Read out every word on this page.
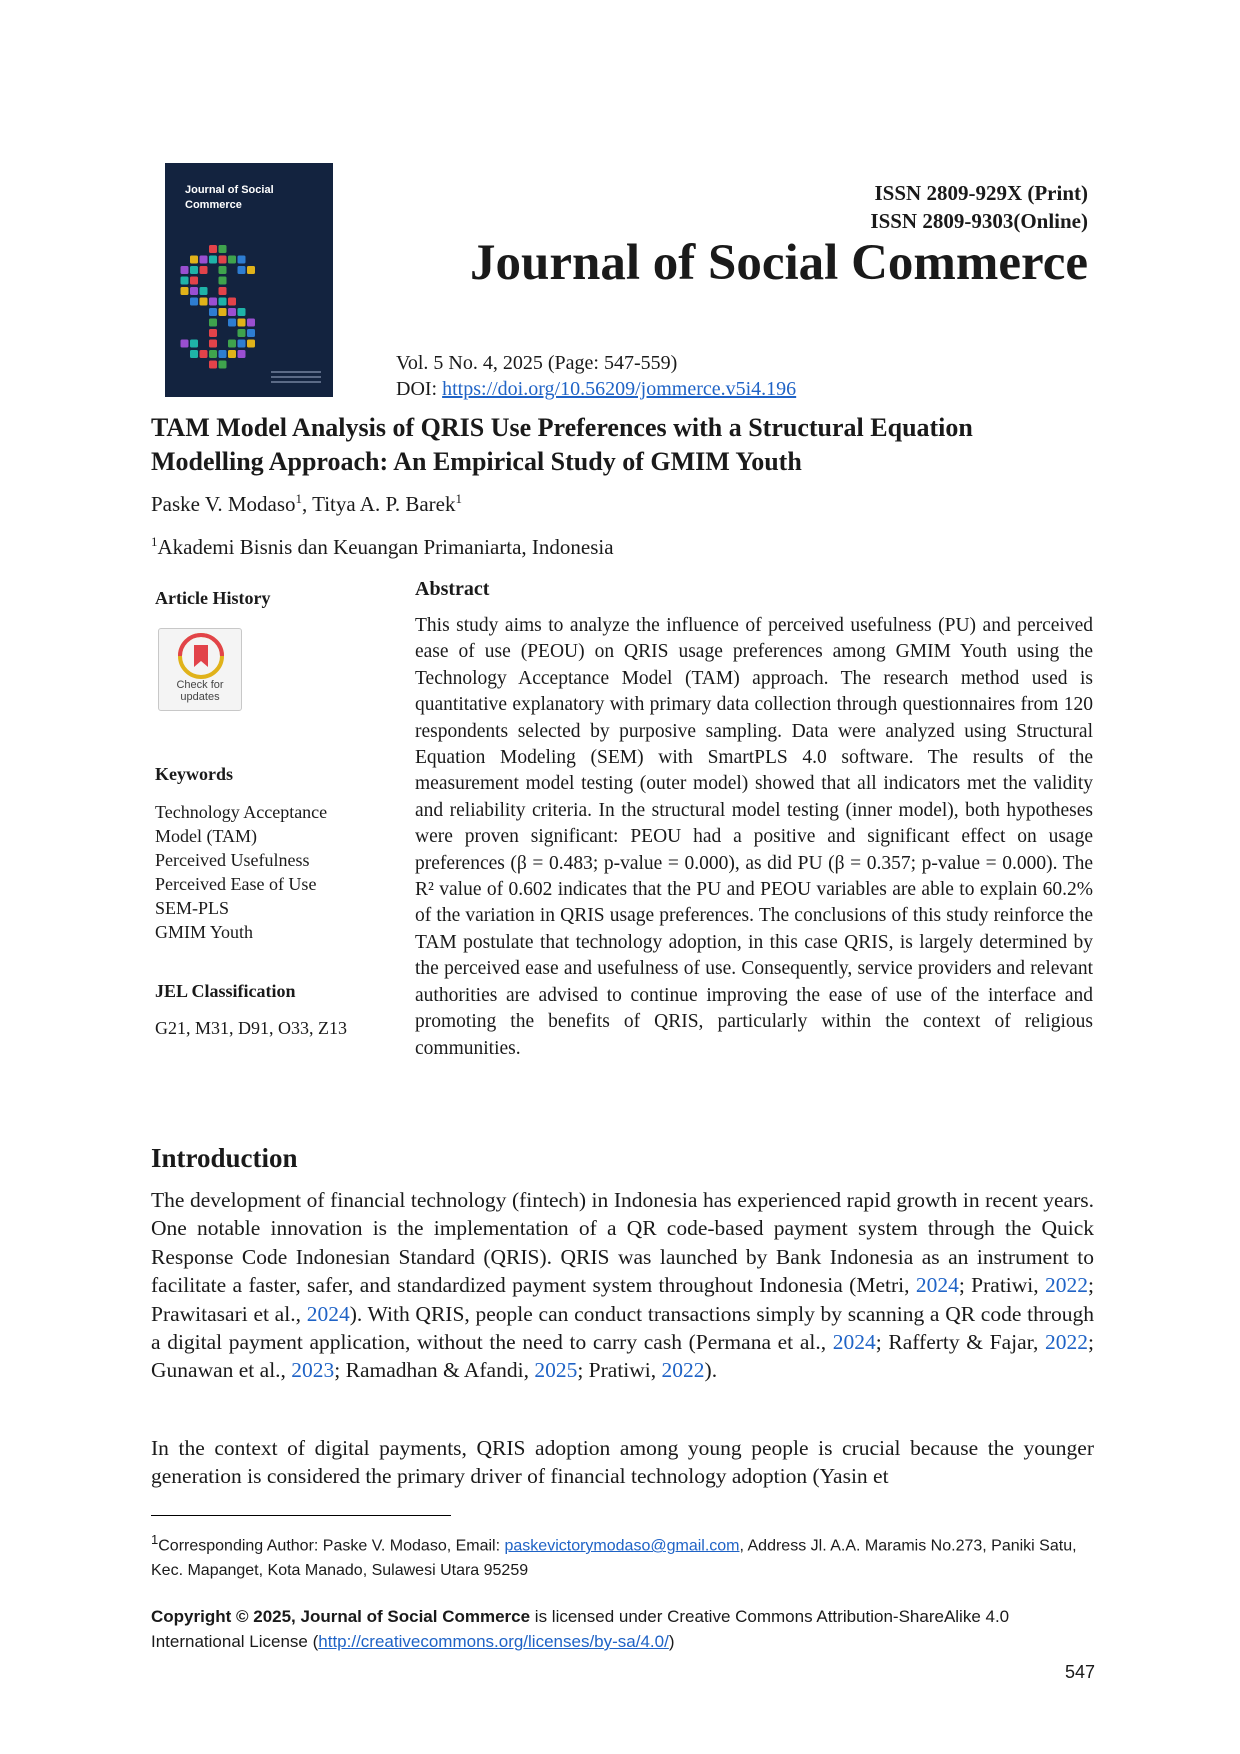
Journal of Social Commerce	ISSN 2809-929X (Print)
ISSN 2809-9303(Online)
Journal of Social Commerce
Vol. 5 No. 4, 2025 (Page: 547-559)
DOI: https://doi.org/10.56209/jommerce.v5i4.196
TAM Model Analysis of QRIS Use Preferences with a Structural Equation Modelling Approach: An Empirical Study of GMIM Youth
Paske V. Modaso$^1$, Titya A. P. Barek$^1$
$^1$Akademi Bisnis dan Keuangan Primaniarta, Indonesia
Article History
Check for
updates
Keywords
Technology Acceptance
Model (TAM)
Perceived Usefulness
Perceived Ease of Use
SEM-PLS
GMIM Youth
JEL Classification
G21, M31, D91, O33, Z13
Abstract
This study aims to analyze the influence of perceived usefulness (PU) and perceived ease of use (PEOU) on QRIS usage preferences among GMIM Youth using the Technology Acceptance Model (TAM) approach. The research method used is quantitative explanatory with primary data collection through questionnaires from 120 respondents selected by purposive sampling. Data were analyzed using Structural Equation Modeling (SEM) with SmartPLS 4.0 software. The results of the measurement model testing (outer model) showed that all indicators met the validity and reliability criteria. In the structural model testing (inner model), both hypotheses were proven significant: PEOU had a positive and significant effect on usage preferences (β = 0.483; p-value = 0.000), as did PU (β = 0.357; p-value = 0.000). The R² value of 0.602 indicates that the PU and PEOU variables are able to explain 60.2% of the variation in QRIS usage preferences. The conclusions of this study reinforce the TAM postulate that technology adoption, in this case QRIS, is largely determined by the perceived ease and usefulness of use. Consequently, service providers and relevant authorities are advised to continue improving the ease of use of the interface and promoting the benefits of QRIS, particularly within the context of religious communities.
Introduction
The development of financial technology (fintech) in Indonesia has experienced rapid growth in recent years. One notable innovation is the implementation of a QR code-based payment system through the Quick Response Code Indonesian Standard (QRIS). QRIS was launched by Bank Indonesia as an instrument to facilitate a faster, safer, and standardized payment system throughout Indonesia (Metri, 2024; Pratiwi, 2022; Prawitasari et al., 2024). With QRIS, people can conduct transactions simply by scanning a QR code through a digital payment application, without the need to carry cash (Permana et al., 2024; Rafferty & Fajar, 2022; Gunawan et al., 2023; Ramadhan & Afandi, 2025; Pratiwi, 2022).
In the context of digital payments, QRIS adoption among young people is crucial because the younger generation is considered the primary driver of financial technology adoption (Yasin et
$^1$Corresponding Author: Paske V. Modaso, Email: paskevictorymodaso@gmail.com, Address Jl. A.A. Maramis No.273, Paniki Satu, Kec. Mapanget, Kota Manado, Sulawesi Utara 95259
Copyright © 2025, Journal of Social Commerce is licensed under Creative Commons Attribution-ShareAlike 4.0 International License (http://creativecommons.org/licenses/by-sa/4.0/)
547
